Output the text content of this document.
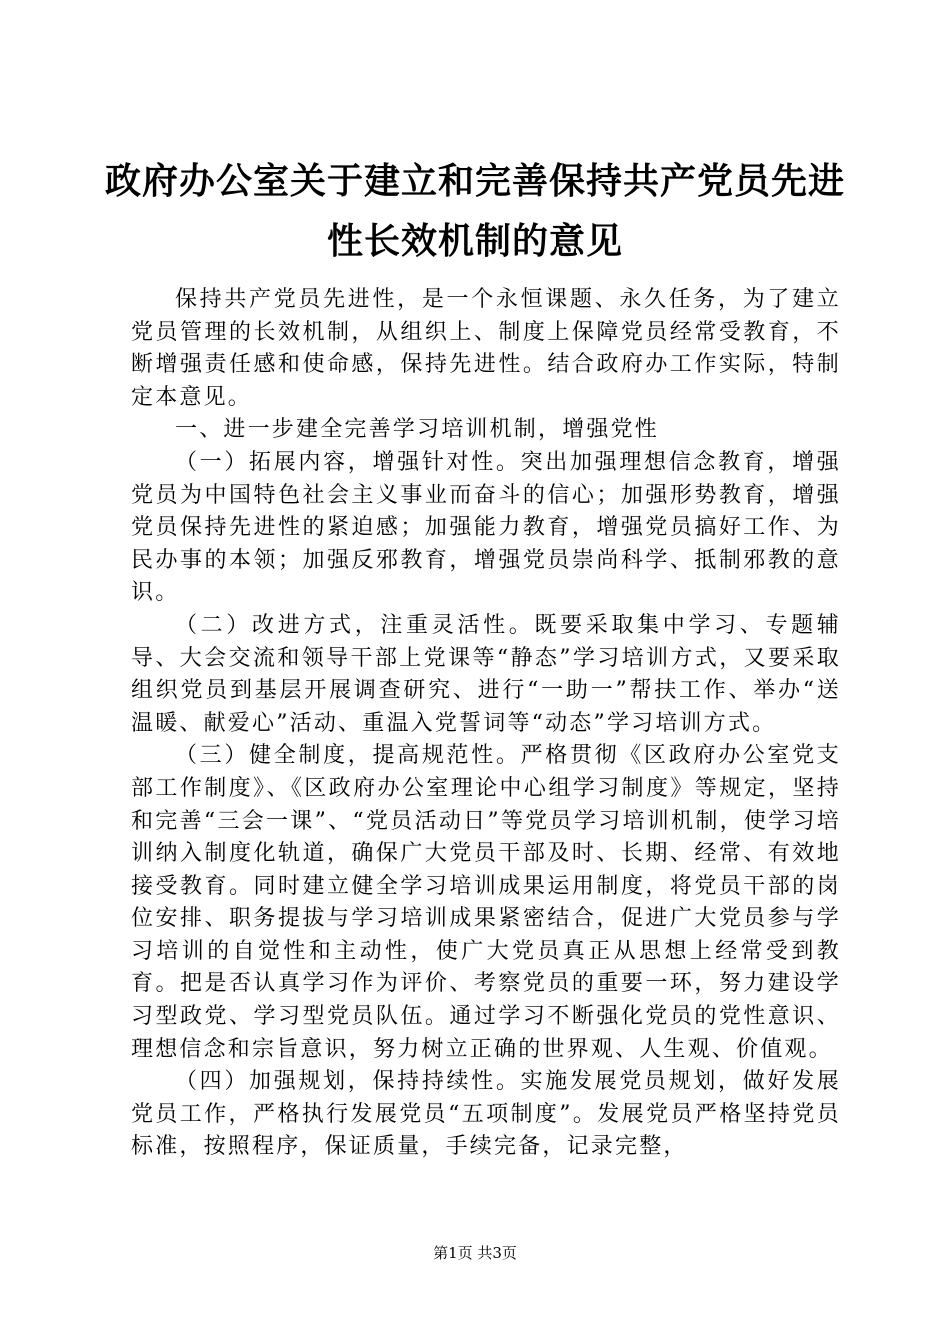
政府办公室关于建立和完善保持共产党员先进
性长效机制的意见

保持共产党员先进性，是一个永恒课题、永久任务，为了建立党员管理的长效机制，从组织上、制度上保障党员经常受教育，不断增强责任感和使命感，保持先进性。结合政府办工作实际，特制定本意见。

一、进一步建全完善学习培训机制，增强党性

（一）拓展内容，增强针对性。突出加强理想信念教育，增强党员为中国特色社会主义事业而奋斗的信心；加强形势教育，增强党员保持先进性的紧迫感；加强能力教育，增强党员搞好工作、为民办事的本领；加强反邪教育，增强党员崇尚科学、抵制邪教的意识。

（二）改进方式，注重灵活性。既要采取集中学习、专题辅导、大会交流和领导干部上党课等“静态”学习培训方式，又要采取组织党员到基层开展调查研究、进行“一助一”帮扶工作、举办“送温暖、献爱心”活动、重温入党誓词等“动态”学习培训方式。

（三）健全制度，提高规范性。严格贯彻《区政府办公室党支部工作制度》、《区政府办公室理论中心组学习制度》等规定，坚持和完善“三会一课”、“党员活动日”等党员学习培训机制，使学习培训纳入制度化轨道，确保广大党员干部及时、长期、经常、有效地接受教育。同时建立健全学习培训成果运用制度，将党员干部的岗位安排、职务提拔与学习培训成果紧密结合，促进广大党员参与学习培训的自觉性和主动性，使广大党员真正从思想上经常受到教育。把是否认真学习作为评价、考察党员的重要一环，努力建设学习型政党、学习型党员队伍。通过学习不断强化党员的党性意识、理想信念和宗旨意识，努力树立正确的世界观、人生观、价值观。

（四）加强规划，保持持续性。实施发展党员规划，做好发展党员工作，严格执行发展党员“五项制度”。发展党员严格坚持党员标准，按照程序，保证质量，手续完备，记录完整，

第1页 共3页
